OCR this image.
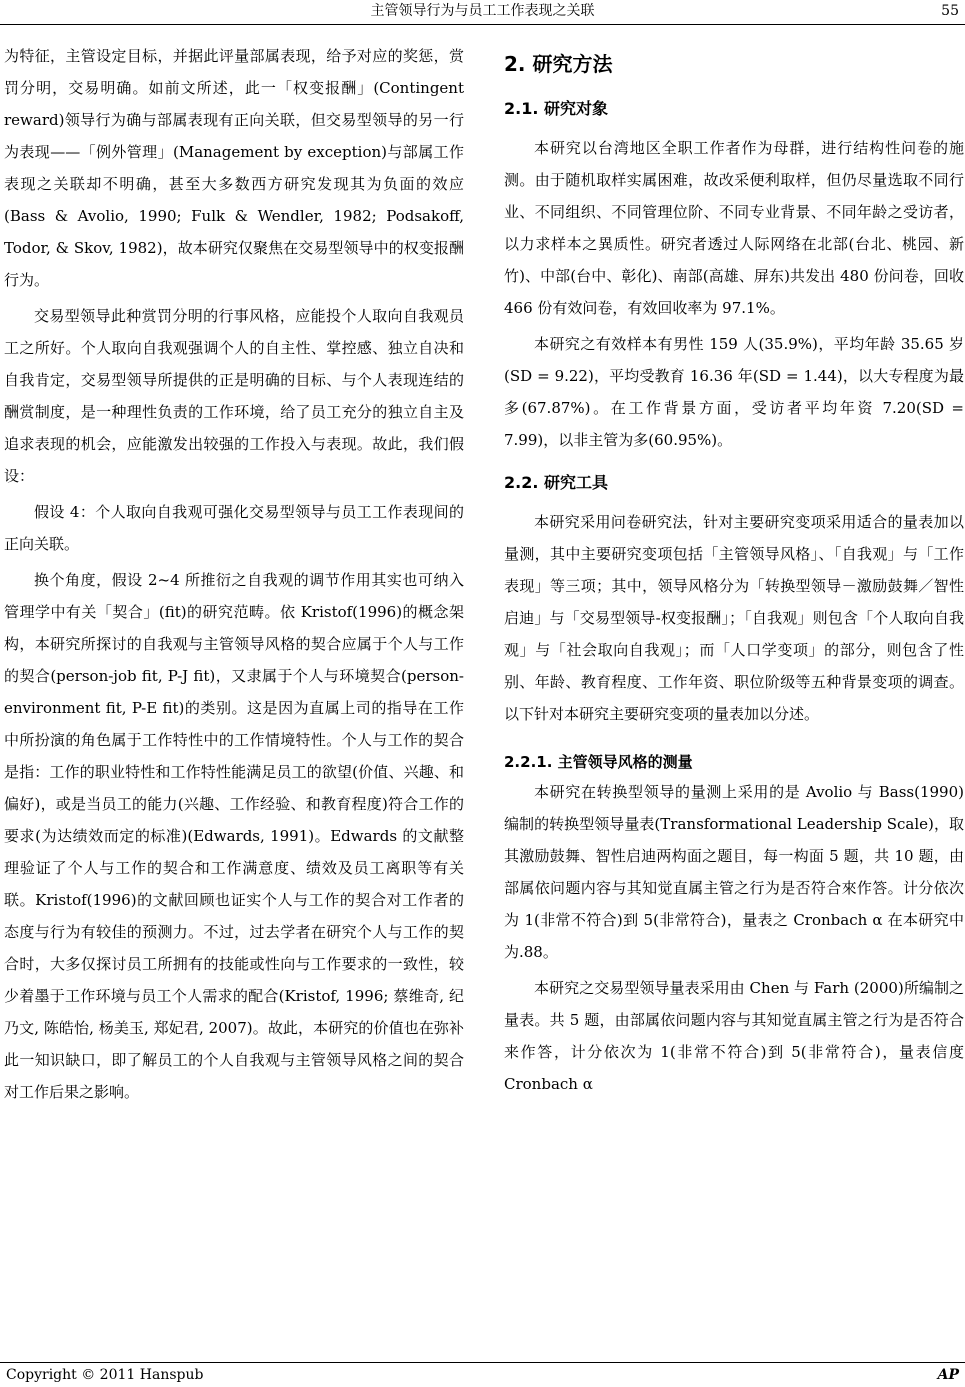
主管领导行为与员工工作表现之关联	55

为特征，主管设定目标，并据此评量部属表现，给予对应的奖惩，赏罚分明，交易明确。如前文所述，此一「权变报酬」(Contingent reward)领导行为确与部属表现有正向关联，但交易型领导的另一行为表现——「例外管理」(Management by exception)与部属工作表现之关联却不明确，甚至大多数西方研究发现其为负面的效应(Bass & Avolio, 1990; Fulk & Wendler, 1982; Podsakoff, Todor, & Skov, 1982)，故本研究仅聚焦在交易型领导中的权变报酬行为。

交易型领导此种赏罚分明的行事风格，应能投个人取向自我观员工之所好。个人取向自我观强调个人的自主性、掌控感、独立自决和自我肯定，交易型领导所提供的正是明确的目标、与个人表现连结的酬赏制度，是一种理性负责的工作环境，给了员工充分的独立自主及追求表现的机会，应能激发出较强的工作投入与表现。故此，我们假设：

假设 4：个人取向自我观可强化交易型领导与员工工作表现间的正向关联。

换个角度，假设 2~4 所推衍之自我观的调节作用其实也可纳入管理学中有关「契合」(fit)的研究范畴。依 Kristof(1996)的概念架构，本研究所探讨的自我观与主管领导风格的契合应属于个人与工作的契合(person-job fit, P-J fit)，又隶属于个人与环境契合(person-environment fit, P-E fit)的类别。这是因为直属上司的指导在工作中所扮演的角色属于工作特性中的工作情境特性。个人与工作的契合是指：工作的职业特性和工作特性能满足员工的欲望(价值、兴趣、和偏好)，或是当员工的能力(兴趣、工作经验、和教育程度)符合工作的要求(为达绩效而定的标准)(Edwards, 1991)。Edwards 的文献整理验证了个人与工作的契合和工作满意度、绩效及员工离职等有关联。Kristof(1996)的文献回顾也证实个人与工作的契合对工作者的态度与行为有较佳的预测力。不过，过去学者在研究个人与工作的契合时，大多仅探讨员工所拥有的技能或性向与工作要求的一致性，较少着墨于工作环境与员工个人需求的配合(Kristof, 1996; 蔡维奇, 纪乃文, 陈皓怡, 杨美玉, 郑妃君, 2007)。故此，本研究的价值也在弥补此一知识缺口，即了解员工的个人自我观与主管领导风格之间的契合对工作后果之影响。

2. 研究方法
2.1. 研究对象

本研究以台湾地区全职工作者作为母群，进行结构性问卷的施测。由于随机取样实属困难，故改采便利取样，但仍尽量选取不同行业、不同组织、不同管理位阶、不同专业背景、不同年龄之受访者，以力求样本之異质性。研究者透过人际网络在北部(台北、桃园、新竹)、中部(台中、彰化)、南部(高雄、屏东)共发出 480 份问卷，回收 466 份有效问卷，有效回收率为 97.1%。

本研究之有效样本有男性 159 人(35.9%)，平均年龄 35.65 岁(SD = 9.22)，平均受教育 16.36 年(SD = 1.44)，以大专程度为最多(67.87%)。在工作背景方面，受访者平均年资 7.20(SD = 7.99)，以非主管为多(60.95%)。

2.2. 研究工具

本研究采用问卷研究法，针对主要研究变项采用适合的量表加以量测，其中主要研究变项包括「主管领导风格」、「自我观」与「工作表现」等三项；其中，领导风格分为「转换型领导－激励鼓舞／智性启迪」与「交易型领导-权变报酬」；「自我观」则包含「个人取向自我观」与「社会取向自我观」；而「人口学变项」的部分，则包含了性别、年龄、教育程度、工作年资、职位阶级等五种背景变项的调查。以下针对本研究主要研究变项的量表加以分述。

2.2.1. 主管领导风格的测量

本研究在转换型领导的量测上采用的是 Avolio 与 Bass(1990)编制的转换型领导量表(Transformational Leadership Scale)，取其激励鼓舞、智性启迪两构面之题目，每一构面 5 题，共 10 题，由部属依问题内容与其知觉直属主管之行为是否符合來作答。计分依次为 1(非常不符合)到 5(非常符合)，量表之 Cronbach α 在本研究中为.88。

本研究之交易型领导量表采用由 Chen 与 Farh (2000)所编制之量表。共 5 题，由部属依问题内容与其知觉直属主管之行为是否符合来作答，计分依次为 1(非常不符合)到 5(非常符合)，量表信度 Cronbach α

Copyright © 2011 Hanspub	AP
